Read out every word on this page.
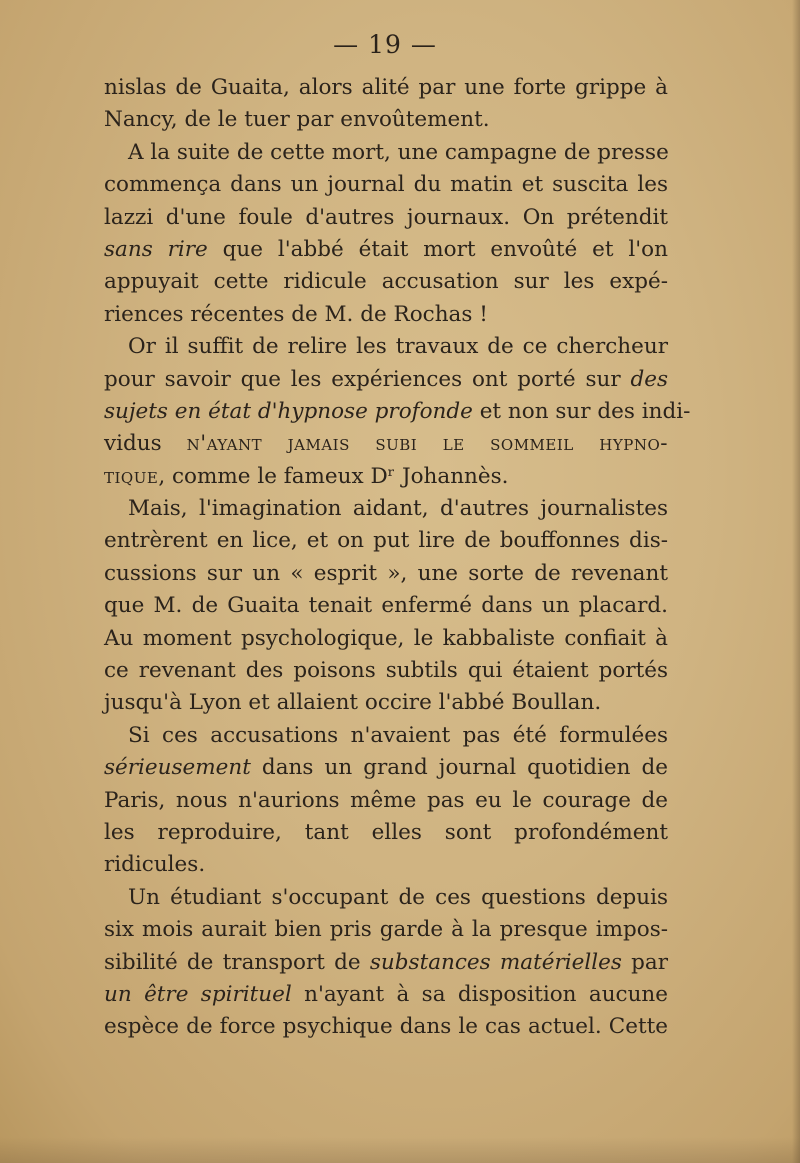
— 19 —
nislas de Guaita, alors alité par une forte grippe à
Nancy, de le tuer par envoûtement.
A la suite de cette mort, une campagne de presse
commença dans un journal du matin et suscita les
lazzi d'une foule d'autres journaux. On prétendit
sans rire que l'abbé était mort envoûté et l'on
appuyait cette ridicule accusation sur les expé-
riences récentes de M. de Rochas !
Or il suffit de relire les travaux de ce chercheur
pour savoir que les expériences ont porté sur des
sujets en état d'hypnose profonde et non sur des indi-
vidus n'ayant jamais subi le sommeil hypno-
tique, comme le fameux Dʳ Johannès.
Mais, l'imagination aidant, d'autres journalistes
entrèrent en lice, et on put lire de bouffonnes dis-
cussions sur un « esprit », une sorte de revenant
que M. de Guaita tenait enfermé dans un placard.
Au moment psychologique, le kabbaliste confiait à
ce revenant des poisons subtils qui étaient portés
jusqu'à Lyon et allaient occire l'abbé Boullan.
Si ces accusations n'avaient pas été formulées
sérieusement dans un grand journal quotidien de
Paris, nous n'aurions même pas eu le courage de
les reproduire, tant elles sont profondément
ridicules.
Un étudiant s'occupant de ces questions depuis
six mois aurait bien pris garde à la presque impos-
sibilité de transport de substances matérielles par
un être spirituel n'ayant à sa disposition aucune
espèce de force psychique dans le cas actuel. Cette
